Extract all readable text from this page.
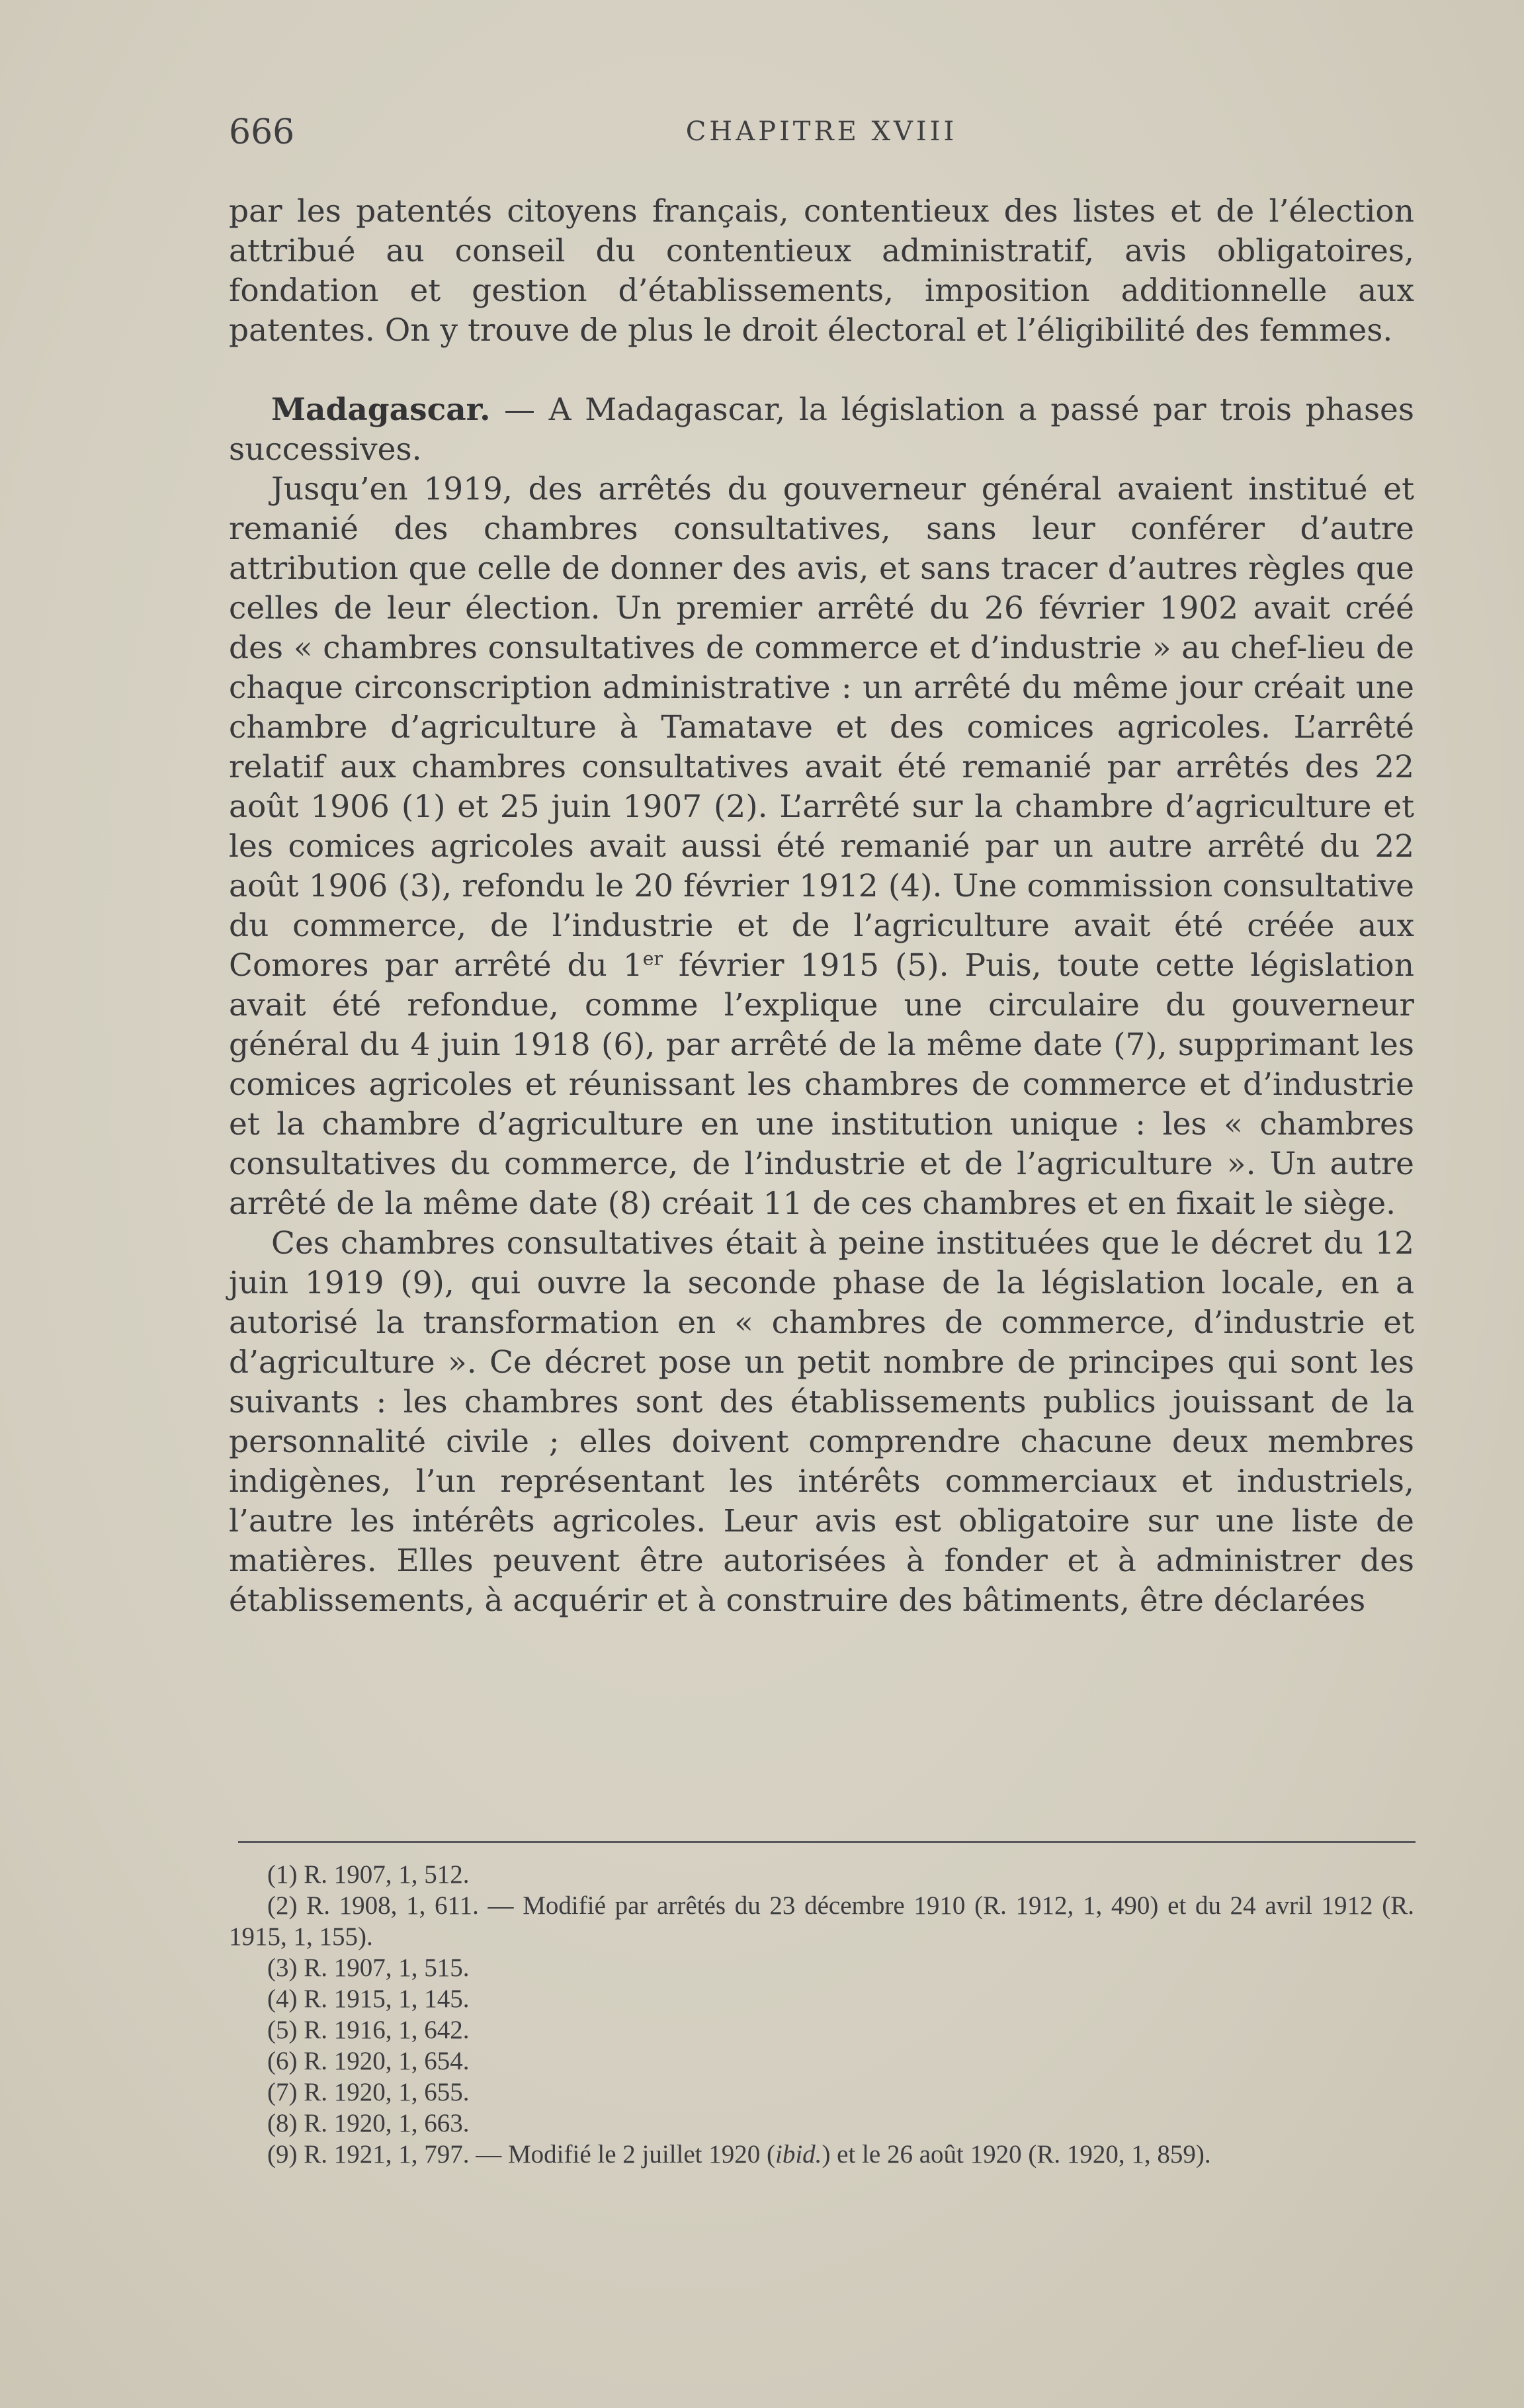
666	CHAPITRE XVIII

par les patentés citoyens français, contentieux des listes et de l’élection attribué au conseil du contentieux administratif, avis obligatoires, fondation et gestion d’établissements, imposition additionnelle aux patentes. On y trouve de plus le droit électoral et l’éligibilité des femmes.

Madagascar. — A Madagascar, la législation a passé par trois phases successives.

Jusqu’en 1919, des arrêtés du gouverneur général avaient institué et remanié des chambres consultatives, sans leur conférer d’autre attribution que celle de donner des avis, et sans tracer d’autres règles que celles de leur élection. Un premier arrêté du 26 février 1902 avait créé des « chambres consultatives de commerce et d’industrie » au chef-lieu de chaque circonscription administrative : un arrêté du même jour créait une chambre d’agriculture à Tamatave et des comices agricoles. L’arrêté relatif aux chambres consultatives avait été remanié par arrêtés des 22 août 1906 (1) et 25 juin 1907 (2). L’arrêté sur la chambre d’agriculture et les comices agricoles avait aussi été remanié par un autre arrêté du 22 août 1906 (3), refondu le 20 février 1912 (4). Une commission consultative du commerce, de l’industrie et de l’agriculture avait été créée aux Comores par arrêté du 1er février 1915 (5). Puis, toute cette législation avait été refondue, comme l’explique une circulaire du gouverneur général du 4 juin 1918 (6), par arrêté de la même date (7), supprimant les comices agricoles et réunissant les chambres de commerce et d’industrie et la chambre d’agriculture en une institution unique : les « chambres consultatives du commerce, de l’industrie et de l’agriculture ». Un autre arrêté de la même date (8) créait 11 de ces chambres et en fixait le siège.

Ces chambres consultatives était à peine instituées que le décret du 12 juin 1919 (9), qui ouvre la seconde phase de la législation locale, en a autorisé la transformation en « chambres de commerce, d’industrie et d’agriculture ». Ce décret pose un petit nombre de principes qui sont les suivants : les chambres sont des établissements publics jouissant de la personnalité civile ; elles doivent comprendre chacune deux membres indigènes, l’un représentant les intérêts commerciaux et industriels, l’autre les intérêts agricoles. Leur avis est obligatoire sur une liste de matières. Elles peuvent être autorisées à fonder et à administrer des établissements, à acquérir et à construire des bâtiments, être déclarées

(1) R. 1907, 1, 512.

(2) R. 1908, 1, 611. — Modifié par arrêtés du 23 décembre 1910 (R. 1912, 1, 490) et du 24 avril 1912 (R. 1915, 1, 155).

(3) R. 1907, 1, 515.

(4) R. 1915, 1, 145.

(5) R. 1916, 1, 642.

(6) R. 1920, 1, 654.

(7) R. 1920, 1, 655.

(8) R. 1920, 1, 663.

(9) R. 1921, 1, 797. — Modifié le 2 juillet 1920 (ibid.) et le 26 août 1920 (R. 1920, 1, 859).
